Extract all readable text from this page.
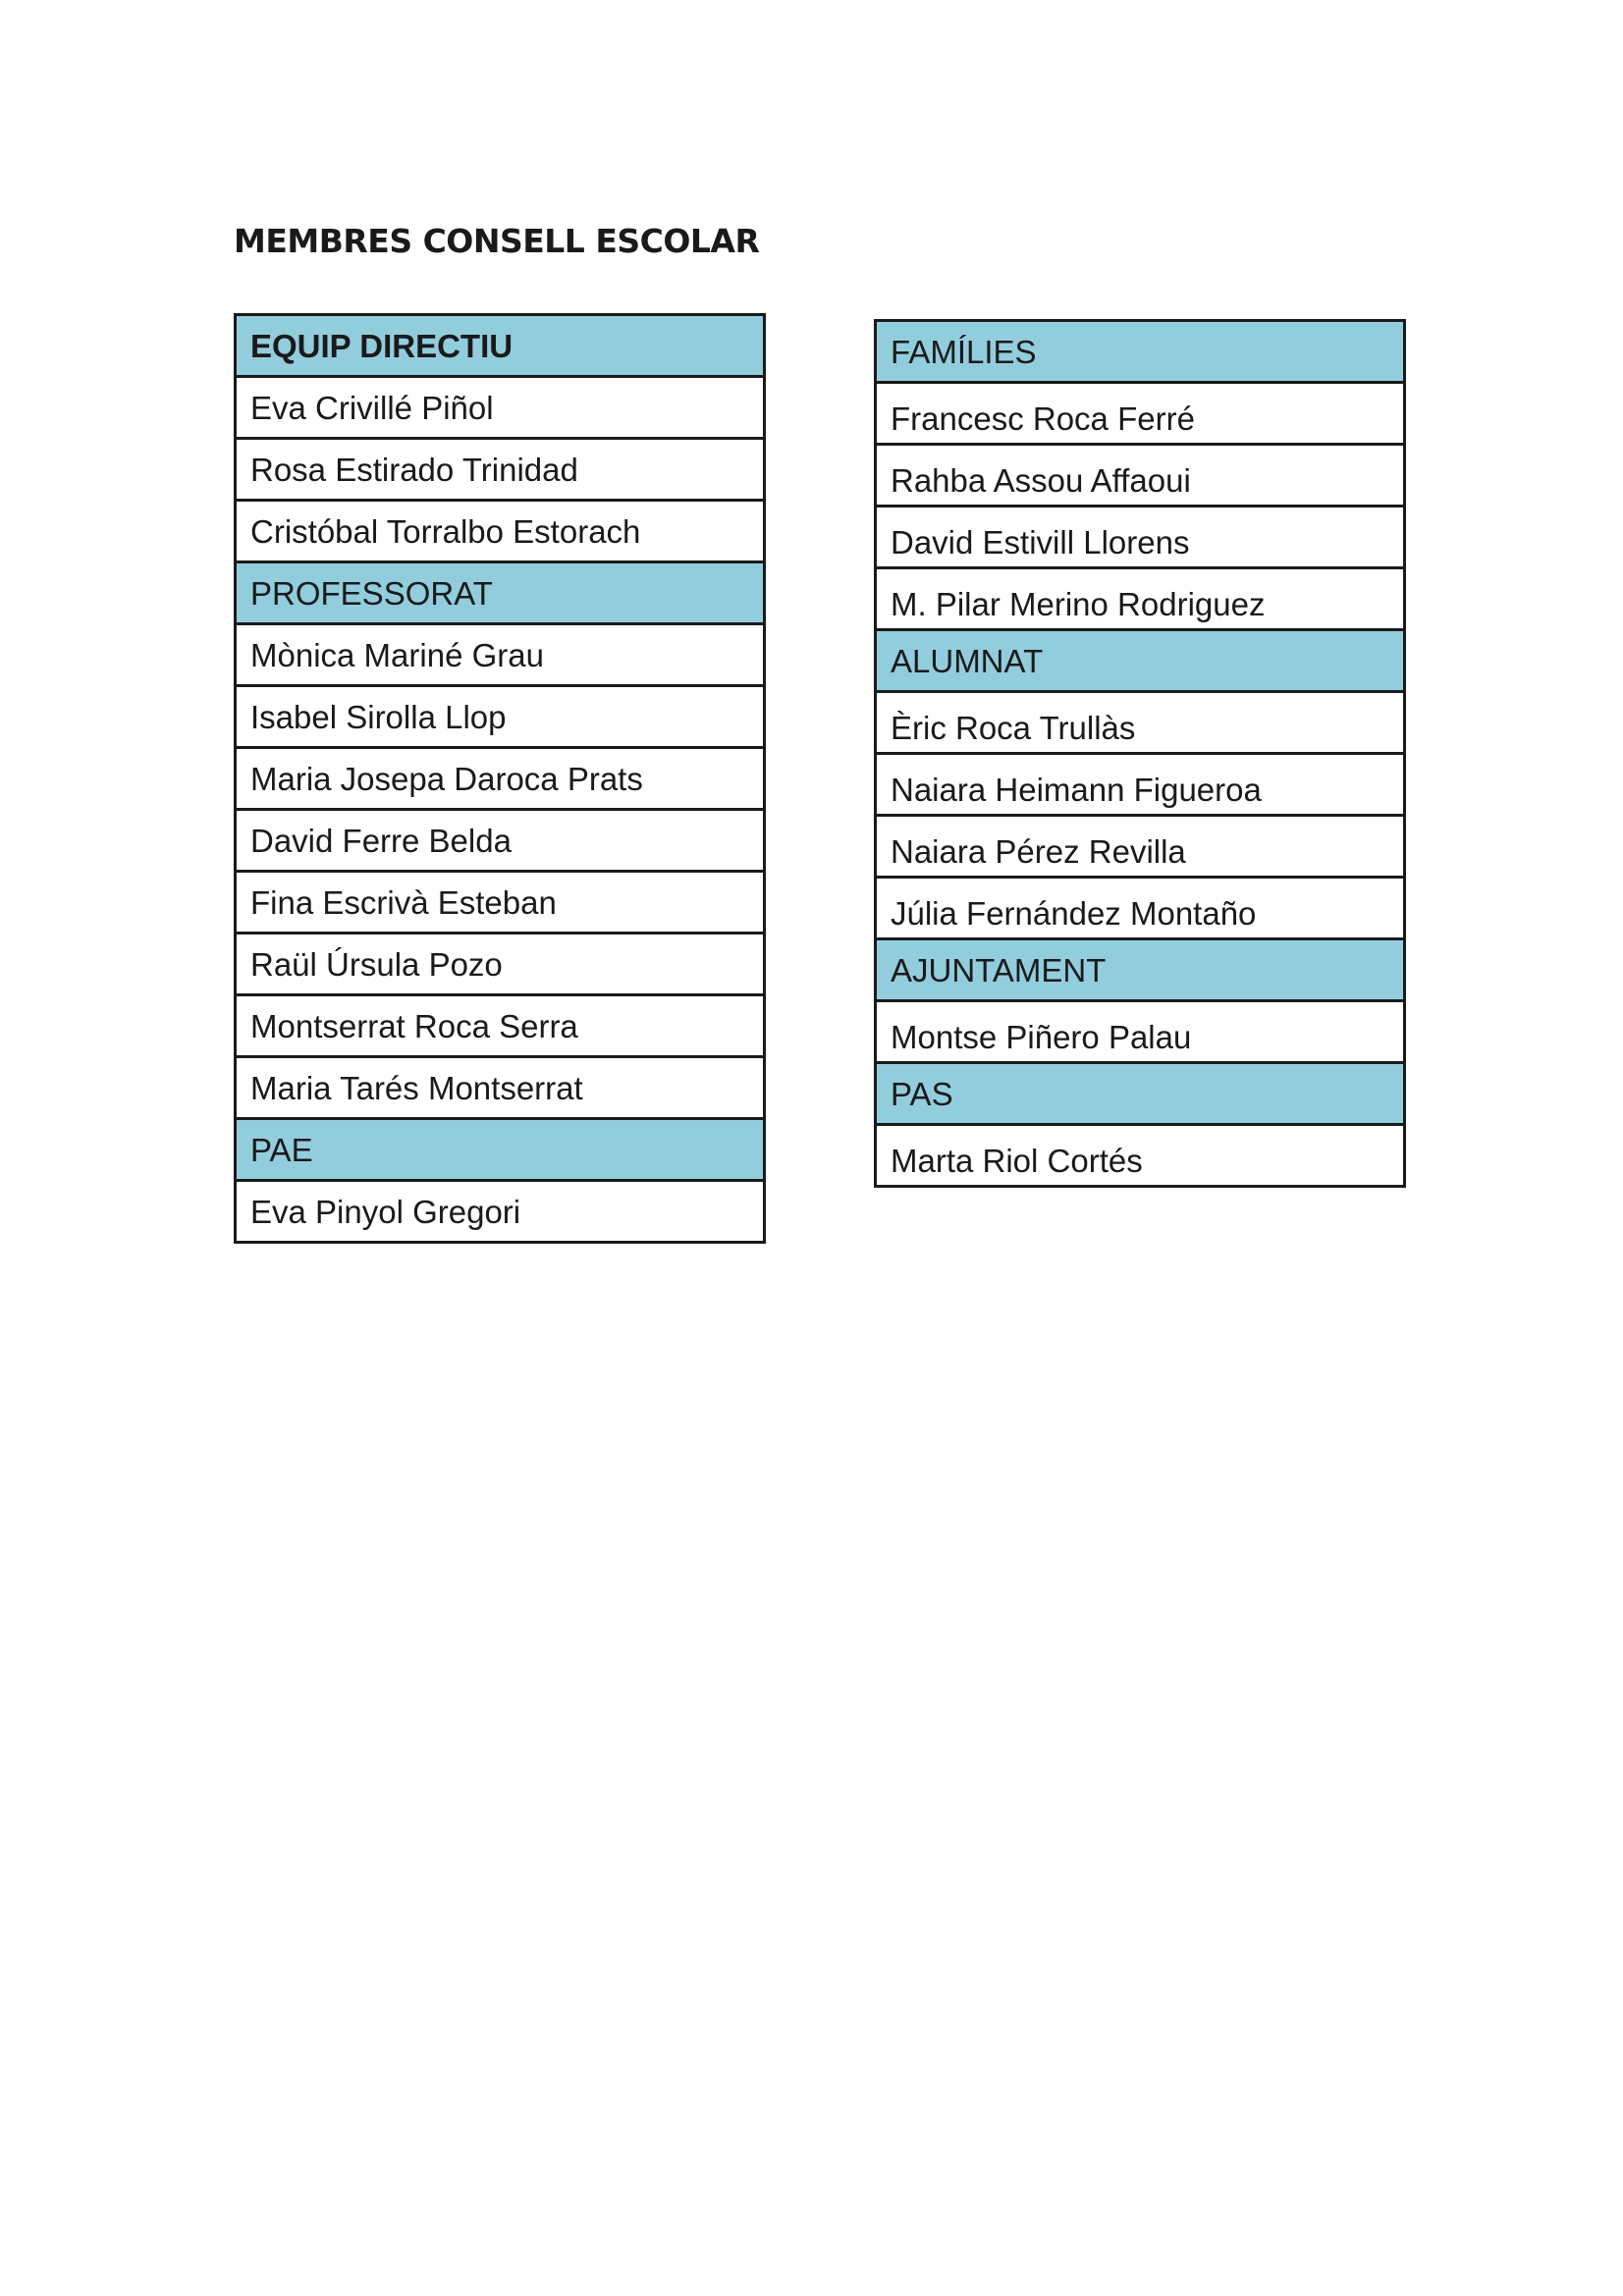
MEMBRES CONSELL ESCOLAR
EQUIP DIRECTIU
Eva Crivillé Piñol
Rosa Estirado Trinidad
Cristóbal Torralbo Estorach
PROFESSORAT
Mònica Mariné Grau
Isabel Sirolla Llop
Maria Josepa Daroca Prats
David Ferre Belda
Fina Escrivà Esteban
Raül Úrsula Pozo
Montserrat Roca Serra
Maria Tarés Montserrat
PAE
Eva Pinyol Gregori
FAMÍLIES
Francesc Roca Ferré
Rahba Assou Affaoui
David Estivill Llorens
M. Pilar Merino Rodriguez
ALUMNAT
Èric Roca Trullàs
Naiara Heimann Figueroa
Naiara Pérez Revilla
Júlia Fernández Montaño
AJUNTAMENT
Montse Piñero Palau
PAS
Marta Riol Cortés
